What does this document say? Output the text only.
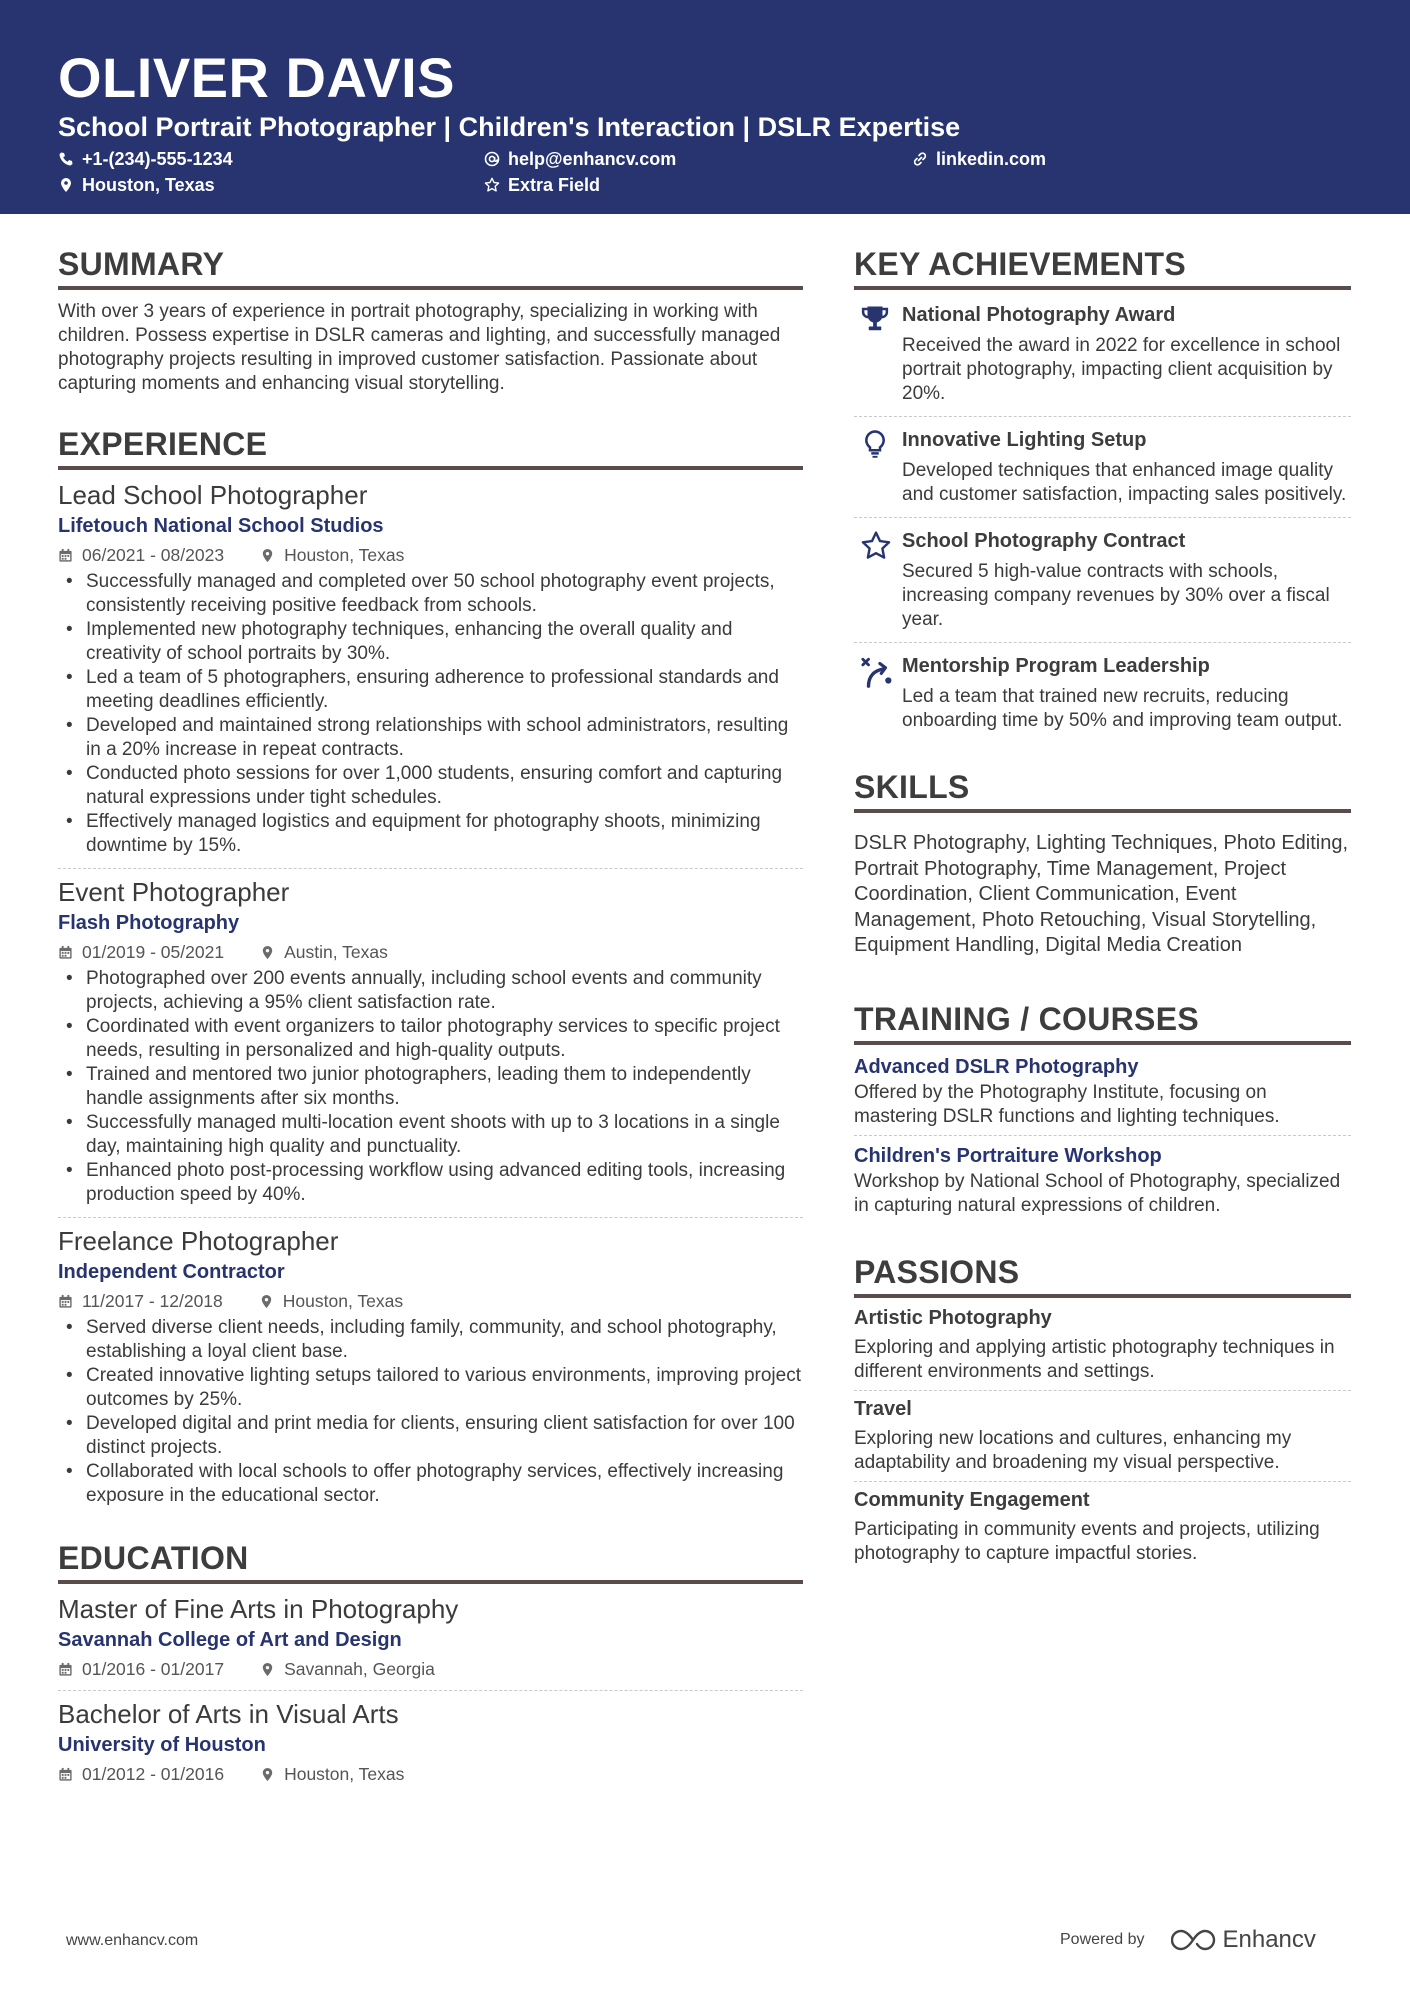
OLIVER DAVIS
School Portrait Photographer | Children's Interaction | DSLR Expertise
+1-(234)-555-1234	help@enhancv.com	linkedin.com
Houston, Texas	Extra Field
SUMMARY
With over 3 years of experience in portrait photography, specializing in working with children. Possess expertise in DSLR cameras and lighting, and successfully managed photography projects resulting in improved customer satisfaction. Passionate about capturing moments and enhancing visual storytelling.
EXPERIENCE
Lead School Photographer
Lifetouch National School Studios
06/2021 - 08/2023	Houston, Texas
• Successfully managed and completed over 50 school photography event projects, consistently receiving positive feedback from schools.
• Implemented new photography techniques, enhancing the overall quality and creativity of school portraits by 30%.
• Led a team of 5 photographers, ensuring adherence to professional standards and meeting deadlines efficiently.
• Developed and maintained strong relationships with school administrators, resulting in a 20% increase in repeat contracts.
• Conducted photo sessions for over 1,000 students, ensuring comfort and capturing natural expressions under tight schedules.
• Effectively managed logistics and equipment for photography shoots, minimizing downtime by 15%.
Event Photographer
Flash Photography
01/2019 - 05/2021	Austin, Texas
• Photographed over 200 events annually, including school events and community projects, achieving a 95% client satisfaction rate.
• Coordinated with event organizers to tailor photography services to specific project needs, resulting in personalized and high-quality outputs.
• Trained and mentored two junior photographers, leading them to independently handle assignments after six months.
• Successfully managed multi-location event shoots with up to 3 locations in a single day, maintaining high quality and punctuality.
• Enhanced photo post-processing workflow using advanced editing tools, increasing production speed by 40%.
Freelance Photographer
Independent Contractor
11/2017 - 12/2018	Houston, Texas
• Served diverse client needs, including family, community, and school photography, establishing a loyal client base.
• Created innovative lighting setups tailored to various environments, improving project outcomes by 25%.
• Developed digital and print media for clients, ensuring client satisfaction for over 100 distinct projects.
• Collaborated with local schools to offer photography services, effectively increasing exposure in the educational sector.
EDUCATION
Master of Fine Arts in Photography
Savannah College of Art and Design
01/2016 - 01/2017	Savannah, Georgia
Bachelor of Arts in Visual Arts
University of Houston
01/2012 - 01/2016	Houston, Texas
KEY ACHIEVEMENTS
National Photography Award
Received the award in 2022 for excellence in school portrait photography, impacting client acquisition by 20%.
Innovative Lighting Setup
Developed techniques that enhanced image quality and customer satisfaction, impacting sales positively.
School Photography Contract
Secured 5 high-value contracts with schools, increasing company revenues by 30% over a fiscal year.
Mentorship Program Leadership
Led a team that trained new recruits, reducing onboarding time by 50% and improving team output.
SKILLS
DSLR Photography, Lighting Techniques, Photo Editing, Portrait Photography, Time Management, Project Coordination, Client Communication, Event Management, Photo Retouching, Visual Storytelling, Equipment Handling, Digital Media Creation
TRAINING / COURSES
Advanced DSLR Photography
Offered by the Photography Institute, focusing on mastering DSLR functions and lighting techniques.
Children's Portraiture Workshop
Workshop by National School of Photography, specialized in capturing natural expressions of children.
PASSIONS
Artistic Photography
Exploring and applying artistic photography techniques in different environments and settings.
Travel
Exploring new locations and cultures, enhancing my adaptability and broadening my visual perspective.
Community Engagement
Participating in community events and projects, utilizing photography to capture impactful stories.
www.enhancv.com	Powered by	Enhancv
